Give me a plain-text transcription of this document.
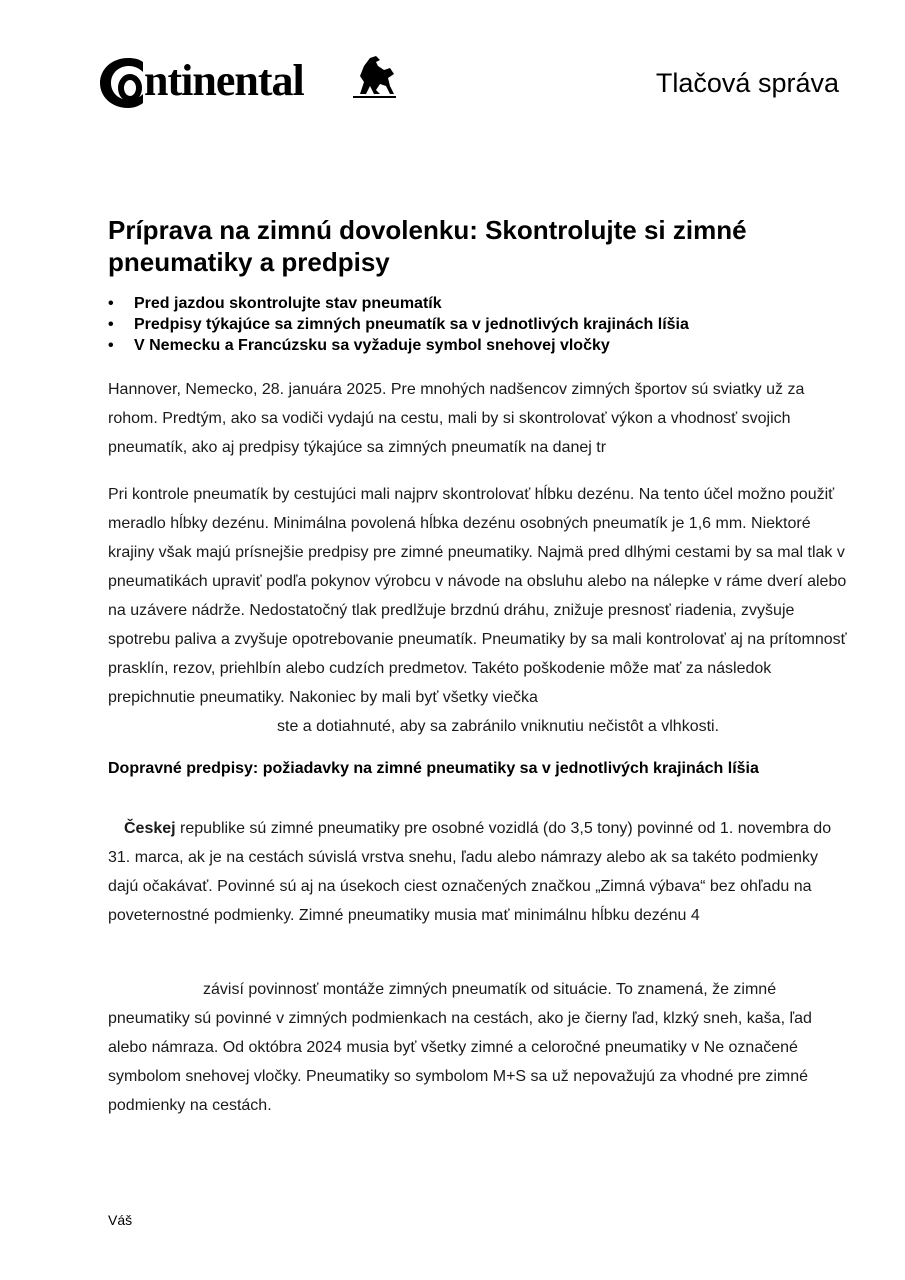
ntinental	Tlačová správa
Príprava na zimnú dovolenku: Skontrolujte si zimné pneumatiky a predpisy
• Pred jazdou skontrolujte stav pneumatík
• Predpisy týkajúce sa zimných pneumatík sa v jednotlivých krajinách líšia
• V Nemecku a Francúzsku sa vyžaduje symbol snehovej vločky

Hannover, Nemecko, 28. januára 2025. Pre mnohých nadšencov zimných športov sú sviatky už za rohom. Predtým, ako sa vodiči vydajú na cestu, mali by si skontrolovať výkon a vhodnosť svojich pneumatík, ako aj predpisy týkajúce sa zimných pneumatík na danej tr

Pri kontrole pneumatík by cestujúci mali najprv skontrolovať hĺbku dezénu. Na tento účel možno použiť meradlo hĺbky dezénu. Minimálna povolená hĺbka dezénu osobných pneumatík je 1,6 mm. Niektoré krajiny však majú prísnejšie predpisy pre zimné pneumatiky. Najmä pred dlhými cestami by sa mal tlak v pneumatikách upraviť podľa pokynov výrobcu v návode na obsluhu alebo na nálepke v ráme dverí alebo na uzávere nádrže. Nedostatočný tlak predlžuje brzdnú dráhu, znižuje presnosť riadenia, zvyšuje spotrebu paliva a zvyšuje opotrebovanie pneumatík. Pneumatiky by sa mali kontrolovať aj na prítomnosť prasklín, rezov, priehlbín alebo cudzích predmetov. Takéto poškodenie môže mať za následok prepichnutie pneumatiky. Nakoniec by mali byť všetky viečka

ste a dotiahnuté, aby sa zabránilo vniknutiu nečistôt a vlhkosti.
Dopravné predpisy: požiadavky na zimné pneumatiky sa v jednotlivých krajinách líšia

Českej republike sú zimné pneumatiky pre osobné vozidlá (do 3,5 tony) povinné od 1. novembra do 31. marca, ak je na cestách súvislá vrstva snehu, ľadu alebo námrazy alebo ak sa takéto podmienky dajú očakávať. Povinné sú aj na úsekoch ciest označených značkou „Zimná výbava“ bez ohľadu na poveternostné podmienky. Zimné pneumatiky musia mať minimálnu hĺbku dezénu 4

závisí povinnosť montáže zimných pneumatík od situácie. To znamená, že zimné pneumatiky sú povinné v zimných podmienkach na cestách, ako je čierny ľad, klzký sneh, kaša, ľad alebo námraza. Od októbra 2024 musia byť všetky zimné a celoročné pneumatiky v Ne označené symbolom snehovej vločky. Pneumatiky so symbolom M+S sa už nepovažujú za vhodné pre zimné podmienky na cestách.

Váš
